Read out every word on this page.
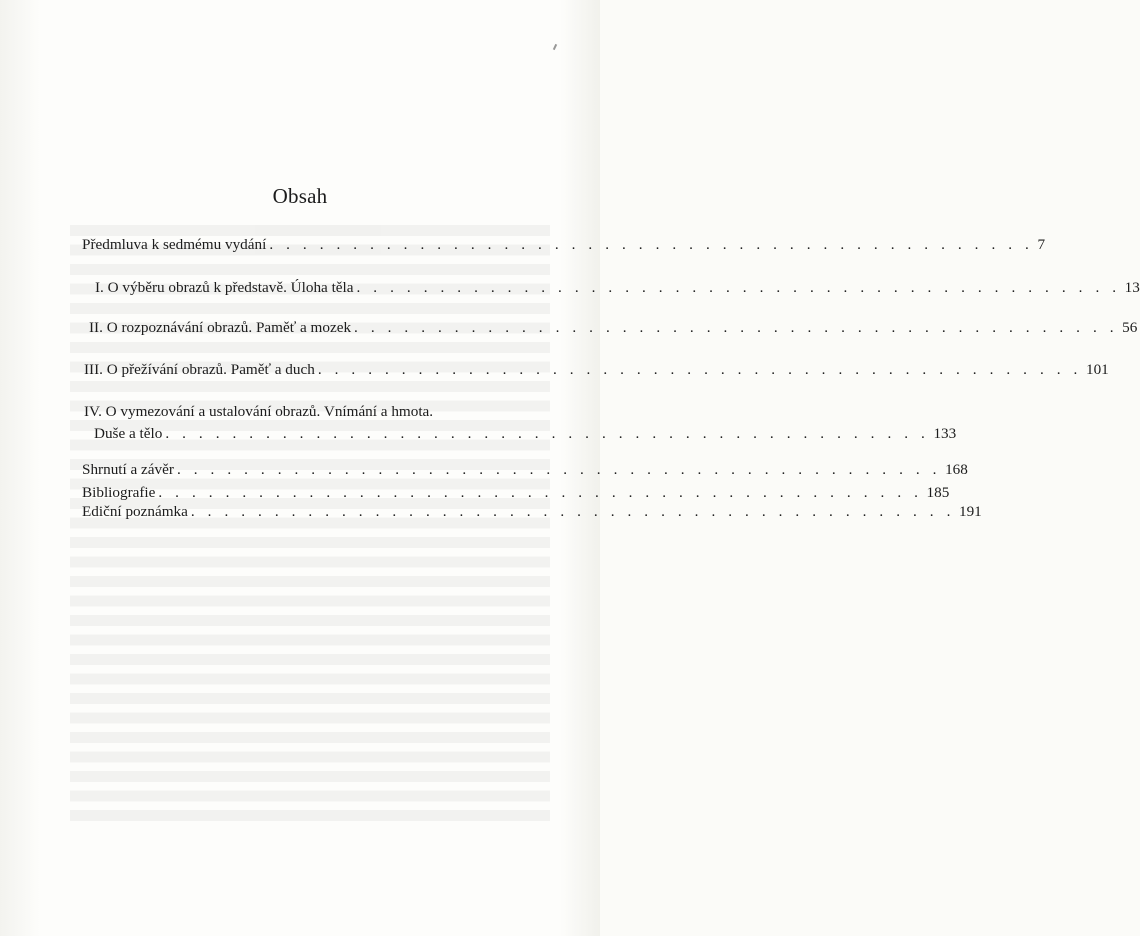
Obsah
Předmluva k sedmému vydání . . . . . . . . . . . . . . . . . . . . . . . . . . . . . . . . . . . . . . . . . . . . . . 7
I. O výběru obrazů k představě. Úloha těla . . . . . . . . . . . . . . . . . . . . . . . . . . . . . . . . . . . . . . . . . . . . . . 13
II. O rozpoznávání obrazů. Paměť a mozek . . . . . . . . . . . . . . . . . . . . . . . . . . . . . . . . . . . . . . . . . . . . . . 56
III. O přežívání obrazů. Paměť a duch . . . . . . . . . . . . . . . . . . . . . . . . . . . . . . . . . . . . . . . . . . . . . . 101
IV. O vymezování a ustalování obrazů. Vnímání a hmota.
Duše a tělo . . . . . . . . . . . . . . . . . . . . . . . . . . . . . . . . . . . . . . . . . . . . . . 133
Shrnutí a závěr . . . . . . . . . . . . . . . . . . . . . . . . . . . . . . . . . . . . . . . . . . . . . . 168
Bibliografie . . . . . . . . . . . . . . . . . . . . . . . . . . . . . . . . . . . . . . . . . . . . . . 185
Ediční poznámka . . . . . . . . . . . . . . . . . . . . . . . . . . . . . . . . . . . . . . . . . . . . . . 191
